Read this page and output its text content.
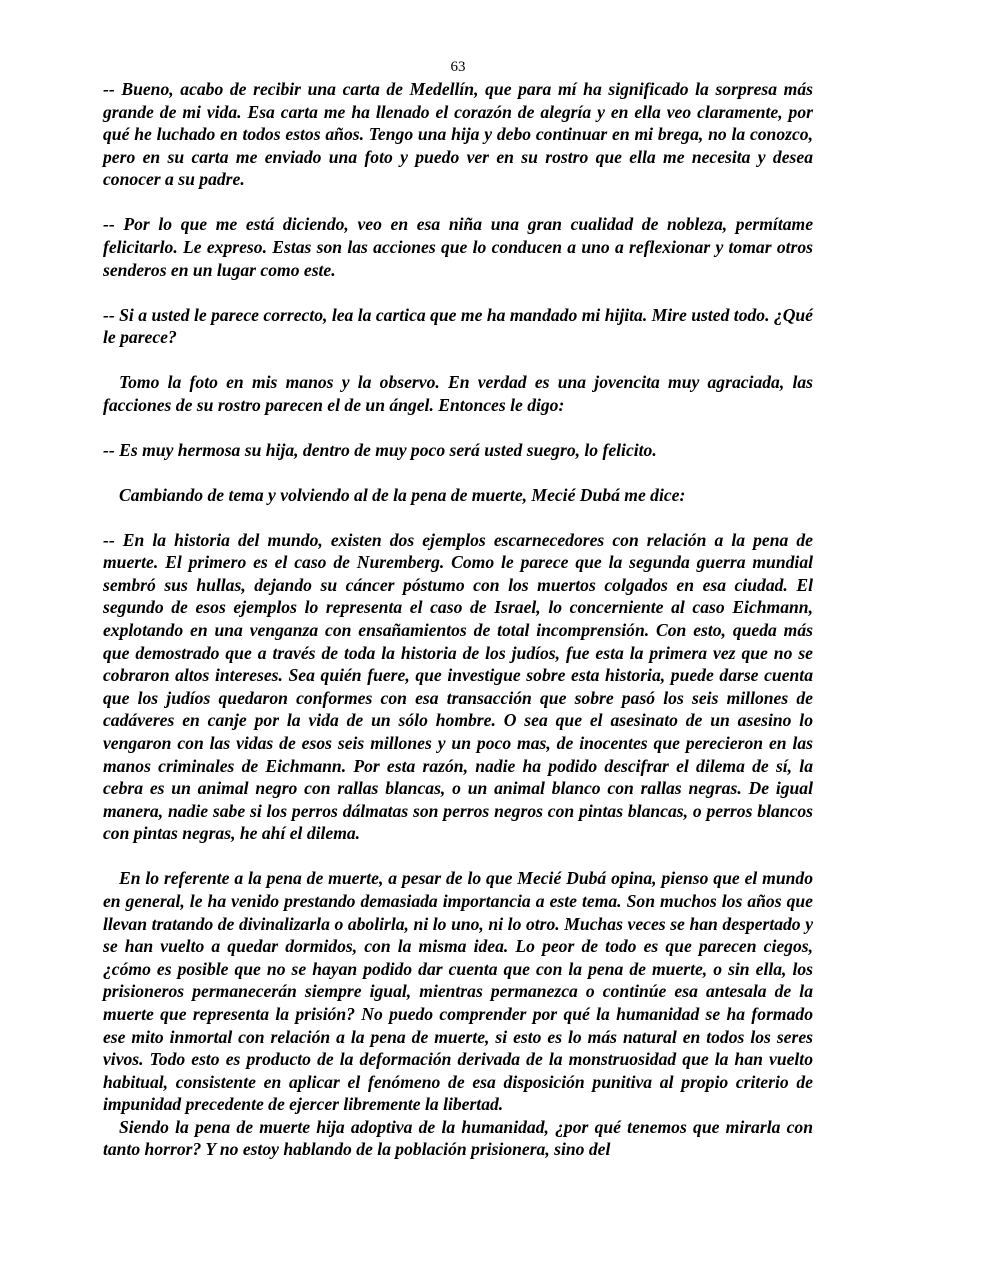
63

-- Bueno, acabo de recibir una carta de Medellín, que para mí ha significado la sorpresa más grande de mi vida. Esa carta me ha llenado el corazón de alegría y en ella veo claramente, por qué he luchado en todos estos años. Tengo una hija y debo continuar en mi brega, no la conozco, pero en su carta me enviado una foto y puedo ver en su rostro que ella me necesita y desea conocer a su padre.

-- Por lo que me está diciendo, veo en esa niña una gran cualidad de nobleza, permítame felicitarlo. Le expreso. Estas son las acciones que lo conducen a uno a reflexionar y tomar otros senderos en un lugar como este.

-- Si a usted le parece correcto, lea la cartica que me ha mandado mi hijita. Mire usted todo. ¿Qué le parece?

Tomo la foto en mis manos y la observo. En verdad es una jovencita muy agraciada, las facciones de su rostro parecen el de un ángel. Entonces le digo:

-- Es muy hermosa su hija, dentro de muy poco será usted suegro, lo felicito.

Cambiando de tema y volviendo al de la pena de muerte, Mecié Dubá me dice:

-- En la historia del mundo, existen dos ejemplos escarnecedores con relación a la pena de muerte. El primero es el caso de Nuremberg. Como le parece que la segunda guerra mundial sembró sus hullas, dejando su cáncer póstumo con los muertos colgados en esa ciudad. El segundo de esos ejemplos lo representa el caso de Israel, lo concerniente al caso Eichmann, explotando en una venganza con ensañamientos de total incomprensión. Con esto, queda más que demostrado que a través de toda la historia de los judíos, fue esta la primera vez que no se cobraron altos intereses. Sea quién fuere, que investigue sobre esta historia, puede darse cuenta que los judíos quedaron conformes con esa transacción que sobre pasó los seis millones de cadáveres en canje por la vida de un sólo hombre. O sea que el asesinato de un asesino lo vengaron con las vidas de esos seis millones y un poco mas, de inocentes que perecieron en las manos criminales de Eichmann. Por esta razón, nadie ha podido descifrar el dilema de sí, la cebra es un animal negro con rallas blancas, o un animal blanco con rallas negras. De igual manera, nadie sabe si los perros dálmatas son perros negros con pintas blancas, o perros blancos con pintas negras, he ahí el dilema.

En lo referente a la pena de muerte, a pesar de lo que Mecié Dubá opina, pienso que el mundo en general, le ha venido prestando demasiada importancia a este tema. Son muchos los años que llevan tratando de divinalizarla o abolirla, ni lo uno, ni lo otro. Muchas veces se han despertado y se han vuelto a quedar dormidos, con la misma idea. Lo peor de todo es que parecen ciegos, ¿cómo es posible que no se hayan podido dar cuenta que con la pena de muerte, o sin ella, los prisioneros permanecerán siempre igual, mientras permanezca o continúe esa antesala de la muerte que representa la prisión? No puedo comprender por qué la humanidad se ha formado ese mito inmortal con relación a la pena de muerte, si esto es lo más natural en todos los seres vivos. Todo esto es producto de la deformación derivada de la monstruosidad que la han vuelto habitual, consistente en aplicar el fenómeno de esa disposición punitiva al propio criterio de impunidad precedente de ejercer libremente la libertad.

Siendo la pena de muerte hija adoptiva de la humanidad, ¿por qué tenemos que mirarla con tanto horror? Y no estoy hablando de la población prisionera, sino del
